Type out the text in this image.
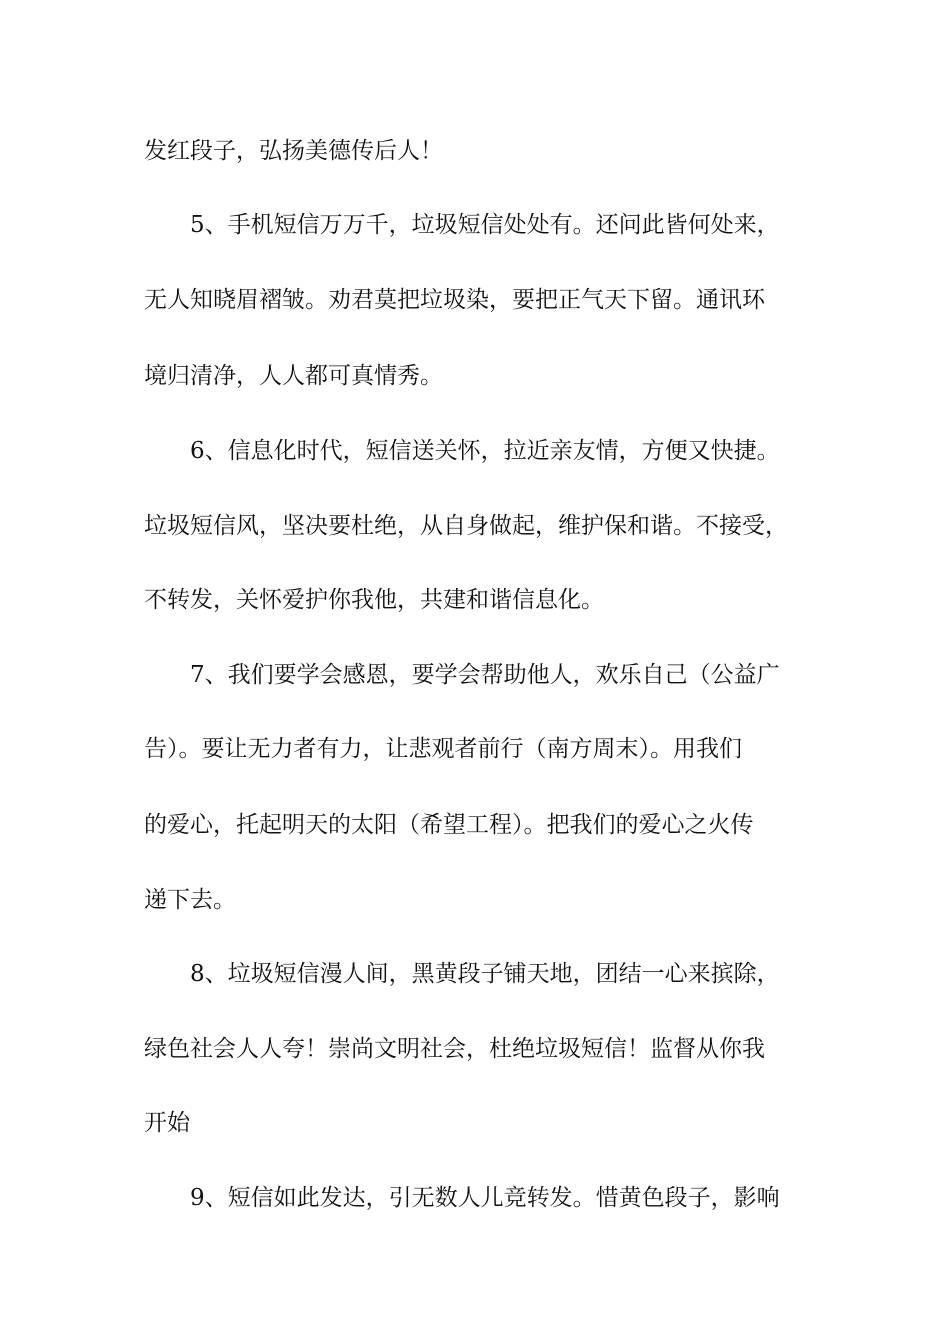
发红段子，弘扬美德传后人！

5、手机短信万万千，垃圾短信处处有。还问此皆何处来，

无人知晓眉褶皱。劝君莫把垃圾染，要把正气天下留。通讯环

境归清净，人人都可真情秀。

6、信息化时代，短信送关怀，拉近亲友情，方便又快捷。

垃圾短信风，坚决要杜绝，从自身做起，维护保和谐。不接受，

不转发，关怀爱护你我他，共建和谐信息化。

7、我们要学会感恩，要学会帮助他人，欢乐自己（公益广

告）。要让无力者有力，让悲观者前行（南方周末）。用我们

的爱心，托起明天的太阳（希望工程）。把我们的爱心之火传

递下去。

8、垃圾短信漫人间，黑黄段子铺天地，团结一心来摈除，

绿色社会人人夸！崇尚文明社会，杜绝垃圾短信！监督从你我

开始

9、短信如此发达，引无数人儿竞转发。惜黄色段子，影响
